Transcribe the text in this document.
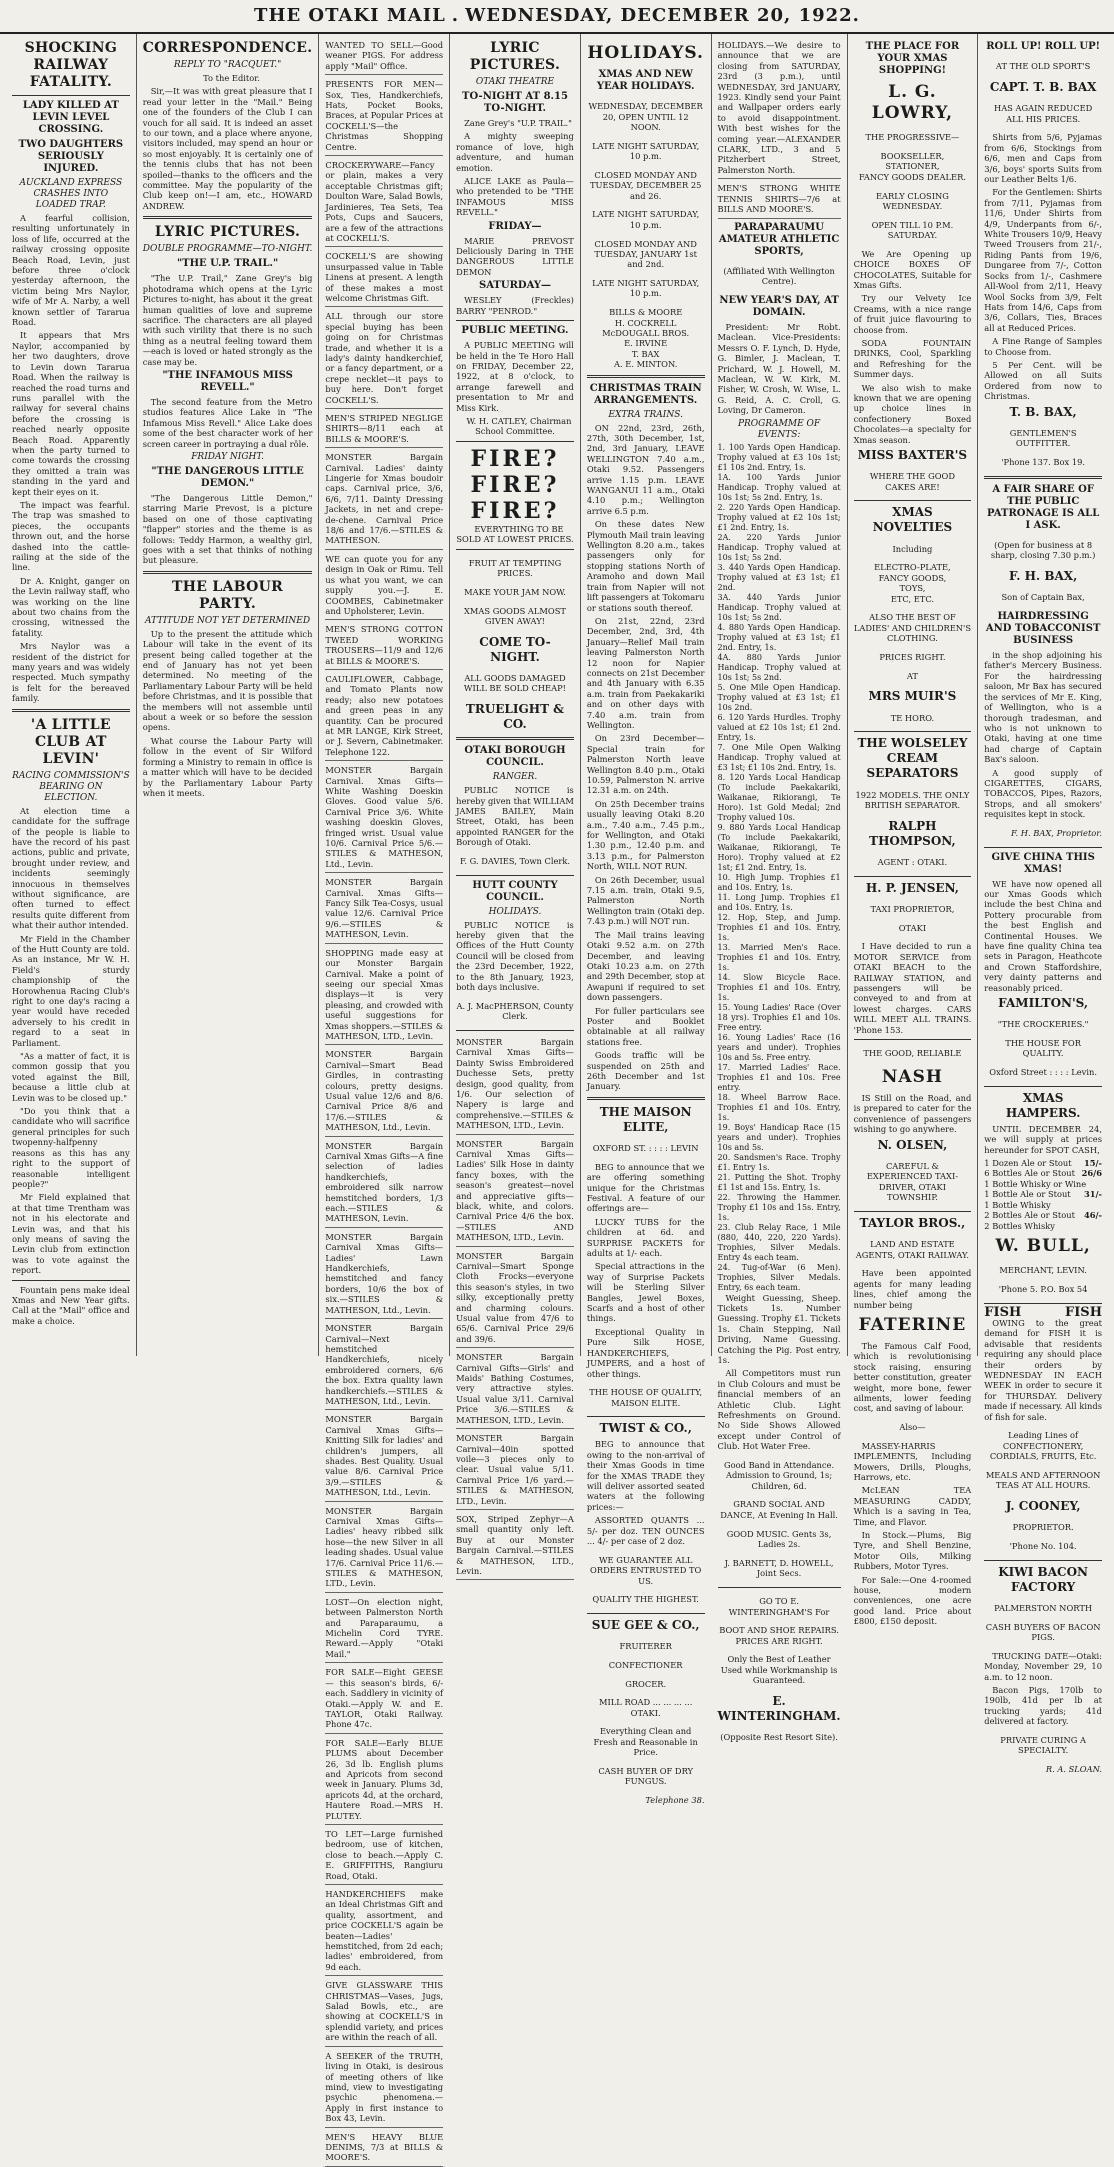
THE OTAKI MAIL . WEDNESDAY, DECEMBER 20, 1922.
SHOCKING RAILWAY FATALITY.
LADY KILLED AT LEVIN LEVEL CROSSING.
TWO DAUGHTERS SERIOUSLY INJURED.
AUCKLAND EXPRESS CRASHES INTO LOADED TRAP.

A fearful collision, resulting unfortunately in loss of life, occurred at the railway crossing opposite Beach Road, Levin, just before three o'clock yesterday afternoon, the victim being Mrs Naylor, wife of Mr A. Narby, a well known settler of Tararua Road.

It appears that Mrs Naylor, accompanied by her two daughters, drove to Levin down Tararua Road. When the railway is reached the road turns and runs parallel with the railway for several chains before the crossing is reached nearly opposite Beach Road. Apparently when the party turned to come towards the crossing they omitted a train was standing in the yard and kept their eyes on it.

The impact was fearful. The trap was smashed to pieces, the occupants thrown out, and the horse dashed into the cattle-railing at the side of the line.

Dr A. Knight, ganger on the Levin railway staff, who was working on the line about two chains from the crossing, witnessed the fatality.

Mrs Naylor was a resident of the district for many years and was widely respected. Much sympathy is felt for the bereaved family.

'A LITTLE CLUB AT LEVIN'
RACING COMMISSION'S BEARING ON ELECTION.

At election time a candidate for the suffrage of the people is liable to have the record of his past actions, public and private, brought under review, and incidents seemingly innocuous in themselves without significance, are often turned to effect results quite different from what their author intended.

Mr Field in the Chamber of the Hutt County are told. As an instance, Mr W. H. Field's sturdy championship of the Horowhenua Racing Club's right to one day's racing a year would have receded adversely to his credit in regard to a seat in Parliament.

"As a matter of fact, it is common gossip that you voted against the Bill, because a little club at Levin was to be closed up."

"Do you think that a candidate who will sacrifice general principles for such twopenny-halfpenny reasons as this has any right to the support of reasonable intelligent people?"

Mr Field explained that at that time Trentham was not in his electorate and Levin was, and that his only means of saving the Levin club from extinction was to vote against the report.

Fountain pens make ideal Xmas and New Year gifts. Call at the "Mail" office and make a choice.

CORRESPONDENCE.
REPLY TO "RACQUET."

To the Editor.

Sir,—It was with great pleasure that I read your letter in the "Mail." Being one of the founders of the Club I can vouch for all said. It is indeed an asset to our town, and a place where anyone, visitors included, may spend an hour or so most enjoyably. It is certainly one of the tennis clubs that has not been spoiled—thanks to the officers and the committee. May the popularity of the Club keep on!—I am, etc., HOWARD ANDREW.

LYRIC PICTURES.
DOUBLE PROGRAMME—TO-NIGHT.
"THE U.P. TRAIL."

"The U.P. Trail," Zane Grey's big photodrama which opens at the Lyric Pictures to-night, has about it the great human qualities of love and supreme sacrifice. The characters are all played with such virility that there is no such thing as a neutral feeling toward them—each is loved or hated strongly as the case may be.

"THE INFAMOUS MISS REVELL."

The second feature from the Metro studios features Alice Lake in "The Infamous Miss Revell." Alice Lake does some of the best character work of her screen career in portraying a dual rôle.

FRIDAY NIGHT.
"THE DANGEROUS LITTLE DEMON."

"The Dangerous Little Demon," starring Marie Prevost, is a picture based on one of those captivating "flapper" stories and the theme is as follows: Teddy Harmon, a wealthy girl, goes with a set that thinks of nothing but pleasure.

THE LABOUR PARTY.
ATTITUDE NOT YET DETERMINED

Up to the present the attitude which Labour will take in the event of its present being called together at the end of January has not yet been determined. No meeting of the Parliamentary Labour Party will be held before Christmas, and it is possible that the members will not assemble until about a week or so before the session opens.

What course the Labour Party will follow in the event of Sir Wilford forming a Ministry to remain in office is a matter which will have to be decided by the Parliamentary Labour Party when it meets.

WANTED TO SELL—Good weaner PIGS. For address apply "Mail" Office.
PRESENTS FOR MEN—Sox, Ties, Handkerchiefs, Hats, Pocket Books, Braces, at Popular Prices at COCKELL'S—the Christmas Shopping Centre.
CROCKERYWARE—Fancy or plain, makes a very acceptable Christmas gift; Doulton Ware, Salad Bowls, Jardinieres, Tea Sets, Tea Pots, Cups and Saucers, are a few of the attractions at COCKELL'S.
COCKELL'S are showing unsurpassed value in Table Linens at present. A length of these makes a most welcome Christmas Gift.
ALL through our store special buying has been going on for Christmas trade, and whether it is a lady's dainty handkerchief, or a fancy department, or a crepe necklet—it pays to buy here. Don't forget COCKELL'S.
MEN'S STRIPED NEGLIGE SHIRTS—8/11 each at BILLS & MOORE'S.
MONSTER Bargain Carnival. Ladies' dainty Lingerie for Xmas boudoir caps. Carnival price, 3/6, 6/6, 7/11. Dainty Dressing Jackets, in net and crepe-de-chene. Carnival Price 18/6 and 17/6.—STILES & MATHESON.
WE can quote you for any design in Oak or Rimu. Tell us what you want, we can supply you.—J. E. COOMBES, Cabinetmaker and Upholsterer, Levin.
MEN'S STRONG COTTON TWEED WORKING TROUSERS—11/9 and 12/6 at BILLS & MOORE'S.
CAULIFLOWER, Cabbage, and Tomato Plants now ready; also new potatoes and green peas in any quantity. Can be procured at MR LANGE, Kirk Street, or J. Severn, Cabinetmaker. Telephone 122.
MONSTER Bargain Carnival. Xmas Gifts—White Washing Doeskin Gloves. Good value 5/6. Carnival Price 3/6. White washing doeskin Gloves, fringed wrist. Usual value 10/6. Carnival Price 5/6.—STILES & MATHESON, Ltd., Levin.
MONSTER Bargain Carnival. Xmas Gifts—Fancy Silk Tea-Cosys, usual value 12/6. Carnival Price 9/6.—STILES & MATHESON, Levin.
SHOPPING made easy at our Monster Bargain Carnival. Make a point of seeing our special Xmas displays—it is very pleasing, and crowded with useful suggestions for Xmas shoppers.—STILES & MATHESON, LTD., Levin.
MONSTER Bargain Carnival—Smart Bead Girdles, in contrasting colours, pretty designs. Usual value 12/6 and 8/6. Carnival Price 8/6 and 17/6.—STILES & MATHESON, Ltd., Levin.
MONSTER Bargain Carnival Xmas Gifts—A fine selection of ladies handkerchiefs, embroidered silk narrow hemstitched borders, 1/3 each.—STILES & MATHESON, Levin.
MONSTER Bargain Carnival Xmas Gifts—Ladies' Lawn Handkerchiefs, hemstitched and fancy borders, 10/6 the box of six.—STILES & MATHESON, Ltd., Levin.
MONSTER Bargain Carnival—Next hemstitched Handkerchiefs, nicely embroidered corners, 6/6 the box. Extra quality lawn handkerchiefs.—STILES & MATHESON, Ltd., Levin.
MONSTER Bargain Carnival Xmas Gifts—Knitting Silk for ladies' and children's jumpers, all shades. Best Quality. Usual value 8/6. Carnival Price 3/9.—STILES & MATHESON, Ltd., Levin.
MONSTER Bargain Carnival Xmas Gifts—Ladies' heavy ribbed silk hose—the new Silver in all leading shades. Usual value 17/6. Carnival Price 11/6.—STILES & MATHESON, LTD., Levin.
LOST—On election night, between Palmerston North and Paraparaumu, a Michelin Cord TYRE. Reward.—Apply "Otaki Mail."
FOR SALE—Eight GEESE — this season's birds, 6/- each. Saddlery in vicinity of Otaki.—Apply W. and E. TAYLOR, Otaki Railway. Phone 47c.
FOR SALE—Early BLUE PLUMS about December 26, 3d lb. English plums and Apricots from second week in January. Plums 3d, apricots 4d, at the orchard, Hautere Road.—MRS H. PLUTEY.
TO LET—Large furnished bedroom, use of kitchen, close to beach.—Apply C. E. GRIFFITHS, Rangiuru Road, Otaki.
HANDKERCHIEFS make an Ideal Christmas Gift and quality, assortment, and price COCKELL'S again be beaten—Ladies' hemstitched, from 2d each; ladies' embroidered, from 9d each.
GIVE GLASSWARE THIS CHRISTMAS—Vases, Jugs, Salad Bowls, etc., are showing at COCKELL'S in splendid variety, and prices are within the reach of all.
A SEEKER of the TRUTH, living in Otaki, is desirous of meeting others of like mind, view to investigating psychic phenomena.—Apply in first instance to Box 43, Levin.
MEN'S HEAVY BLUE DENIMS, 7/3 at BILLS & MOORE'S.
LYRIC PICTURES.
OTAKI THEATRE
TO-NIGHT AT 8.15 TO-NIGHT.

Zane Grey's "U.P. TRAIL."

A mighty sweeping romance of love, high adventure, and human emotion.

ALICE LAKE as Paula—who pretended to be "THE INFAMOUS MISS REVELL."

FRIDAY—

MARIE PREVOST Deliciously Daring in THE DANGEROUS LITTLE DEMON

SATURDAY—

WESLEY (Freckles) BARRY "PENROD."

PUBLIC MEETING.

A PUBLIC MEETING will be held in the Te Horo Hall on FRIDAY, December 22, 1922, at 8 o'clock, to arrange farewell and presentation to Mr and Miss Kirk.

W. H. CATLEY, Chairman School Committee.

FIRE?
FIRE?
FIRE?

EVERYTHING TO BE SOLD AT LOWEST PRICES.

FRUIT AT TEMPTING PRICES.

MAKE YOUR JAM NOW.

XMAS GOODS ALMOST GIVEN AWAY!

COME TO-NIGHT.

ALL GOODS DAMAGED WILL BE SOLD CHEAP!

TRUELIGHT & CO.
OTAKI BOROUGH COUNCIL.
RANGER.

PUBLIC NOTICE is hereby given that WILLIAM JAMES BAILEY, Main Street, Otaki, has been appointed RANGER for the Borough of Otaki.

F. G. DAVIES, Town Clerk.

HUTT COUNTY COUNCIL.
HOLIDAYS.

PUBLIC NOTICE is hereby given that the Offices of the Hutt County Council will be closed from the 23rd December, 1922, to the 8th January, 1923, both days inclusive.

A. J. MacPHERSON, County Clerk.

MONSTER Bargain Carnival Xmas Gifts—Dainty Swiss Embroidered Duchesse Sets, pretty design, good quality, from 1/6. Our selection of Napery is large and comprehensive.—STILES & MATHESON, LTD., Levin.
MONSTER Bargain Carnival Xmas Gifts—Ladies' Silk Hose in dainty fancy boxes, with the season's greatest—novel and appreciative gifts—black, white, and colors. Carnival Price 4/6 the box.—STILES AND MATHESON, LTD., Levin.
MONSTER Bargain Carnival—Smart Sponge Cloth Frocks—everyone this season's styles, in two silky, exceptionally pretty and charming colours. Usual value from 47/6 to 65/6. Carnival Price 29/6 and 39/6.
MONSTER Bargain Carnival Gifts—Girls' and Maids' Bathing Costumes, very attractive styles. Usual value 3/11. Carnival Price 3/6.—STILES & MATHESON, LTD., Levin.
MONSTER Bargain Carnival—40in spotted voile—3 pieces only to clear. Usual value 5/11. Carnival Price 1/6 yard.—STILES & MATHESON, LTD., Levin.
SOX, Striped Zephyr—A small quantity only left. Buy at our Monster Bargain Carnival.—STILES & MATHESON, LTD., Levin.
HOLIDAYS.
XMAS AND NEW YEAR HOLIDAYS.

WEDNESDAY, DECEMBER 20, OPEN UNTIL 12 NOON.

LATE NIGHT SATURDAY, 10 p.m.

CLOSED MONDAY AND TUESDAY, DECEMBER 25 and 26.

LATE NIGHT SATURDAY, 10 p.m.

CLOSED MONDAY AND TUESDAY, JANUARY 1st and 2nd.

LATE NIGHT SATURDAY, 10 p.m.

BILLS & MOORE
H. COCKRELL
McDOUGALL BROS.
E. IRVINE
T. BAX
A. E. MINTON.
CHRISTMAS TRAIN ARRANGEMENTS.
EXTRA TRAINS.

ON 22nd, 23rd, 26th, 27th, 30th December, 1st, 2nd, 3rd January, LEAVE WELLINGTON 7.40 a.m., Otaki 9.52. Passengers arrive 1.15 p.m. LEAVE WANGANUI 11 a.m., Otaki 4.10 p.m.; Wellington arrive 6.5 p.m.

On these dates New Plymouth Mail train leaving Wellington 8.20 a.m., takes passengers only for stopping stations North of Aramoho and down Mail train from Napier will not lift passengers at Tokomaru or stations south thereof.

On 21st, 22nd, 23rd December, 2nd, 3rd, 4th January—Relief Mail train leaving Palmerston North 12 noon for Napier connects on 21st December and 4th January with 6.35 a.m. train from Paekakariki and on other days with 7.40 a.m. train from Wellington.

On 23rd December—Special train for Palmerston North leave Wellington 8.40 p.m., Otaki 10.59, Palmerston N. arrive 12.31 a.m. on 24th.

On 25th December trains usually leaving Otaki 8.20 a.m., 7.40 a.m., 7.45 p.m., for Wellington, and Otaki 1.30 p.m., 12.40 p.m. and 3.13 p.m., for Palmerston North, WILL NOT RUN.

On 26th December, usual 7.15 a.m. train, Otaki 9.5, Palmerston North Wellington train (Otaki dep. 7.43 p.m.) will NOT run.

The Mail trains leaving Otaki 9.52 a.m. on 27th December, and leaving Otaki 10.23 a.m. on 27th and 29th December, stop at Awapuni if required to set down passengers.

For fuller particulars see Poster and Booklet obtainable at all railway stations free.

Goods traffic will be suspended on 25th and 26th December and 1st January.

THE MAISON ELITE,

OXFORD ST. : : : : LEVIN

BEG to announce that we are offering something unique for the Christmas Festival. A feature of our offerings are—

LUCKY TUBS for the children at 6d. and SURPRISE PACKETS for adults at 1/- each.

Special attractions in the way of Surprise Packets will be Sterling Silver Bangles, Jewel Boxes, Scarfs and a host of other things.

Exceptional Quality in Pure Silk HOSE, HANDKERCHIEFS, JUMPERS, and a host of other things.

THE HOUSE OF QUALITY, MAISON ELITE.

TWIST & CO.,

BEG to announce that owing to the non-arrival of their Xmas Goods in time for the XMAS TRADE they will deliver assorted seated waters at the following prices:—

ASSORTED QUANTS ... 5/- per doz. TEN OUNCES ... 4/- per case of 2 doz.

WE GUARANTEE ALL ORDERS ENTRUSTED TO US.

QUALITY THE HIGHEST.

SUE GEE & CO.,

FRUITERER

CONFECTIONER

GROCER.

MILL ROAD ... ... ... ... OTAKI.

Everything Clean and Fresh and Reasonable in Price.

CASH BUYER OF DRY FUNGUS.

Telephone 38.

HOLIDAYS.—We desire to announce that we are closing from SATURDAY, 23rd (3 p.m.), until WEDNESDAY, 3rd JANUARY, 1923. Kindly send your Paint and Wallpaper orders early to avoid disappointment. With best wishes for the coming year.—ALEXANDER CLARK, LTD., 3 and 5 Pitzherbert Street, Palmerston North.
MEN'S STRONG WHITE TENNIS SHIRTS—7/6 at BILLS AND MOORE'S.
PARAPARAUMU AMATEUR ATHLETIC SPORTS,

(Affiliated With Wellington Centre).

NEW YEAR'S DAY, AT DOMAIN.

President: Mr Robt. Maclean. Vice-Presidents: Messrs O. F. Lynch, D. Hyde, G. Bimler, J. Maclean, T. Prichard, W. J. Howell, M. Maclean, W. W. Kirk, M. Fisher, W. Crosh, W. Wise, L. G. Reid, A. C. Croll, G. Loving, Dr Cameron.

PROGRAMME OF EVENTS:
1. 100 Yards Open Handicap. Trophy valued at £3 10s 1st; £1 10s 2nd. Entry, 1s.
1A. 100 Yards Junior Handicap. Trophy valued at 10s 1st; 5s 2nd. Entry, 1s.
2. 220 Yards Open Handicap. Trophy valued at £2 10s 1st; £1 2nd. Entry, 1s.
2A. 220 Yards Junior Handicap. Trophy valued at 10s 1st; 5s 2nd.
3. 440 Yards Open Handicap. Trophy valued at £3 1st; £1 2nd.
3A. 440 Yards Junior Handicap. Trophy valued at 10s 1st; 5s 2nd.
4. 880 Yards Open Handicap. Trophy valued at £3 1st; £1 2nd. Entry, 1s.
4A. 880 Yards Junior Handicap. Trophy valued at 10s 1st; 5s 2nd.
5. One Mile Open Handicap. Trophy valued at £3 1st; £1 10s 2nd.
6. 120 Yards Hurdles. Trophy valued at £2 10s 1st; £1 2nd. Entry, 1s.
7. One Mile Open Walking Handicap. Trophy valued at £3 1st; £1 10s 2nd. Entry, 1s.
8. 120 Yards Local Handicap (To include Paekakariki, Waikanae, Rikiorangi, Te Horo). 1st Gold Medal; 2nd Trophy valued 10s.
9. 880 Yards Local Handicap (To include Paekakariki, Waikanae, Rikiorangi, Te Horo). Trophy valued at £2 1st; £1 2nd. Entry, 1s.
10. High Jump. Trophies £1 and 10s. Entry, 1s.
11. Long Jump. Trophies £1 and 10s. Entry, 1s.
12. Hop, Step, and Jump. Trophies £1 and 10s. Entry, 1s.
13. Married Men's Race. Trophies £1 and 10s. Entry, 1s.
14. Slow Bicycle Race. Trophies £1 and 10s. Entry, 1s.
15. Young Ladies' Race (Over 18 yrs). Trophies £1 and 10s. Free entry.
16. Young Ladies' Race (16 years and under). Trophies 10s and 5s. Free entry.
17. Married Ladies' Race. Trophies £1 and 10s. Free entry.
18. Wheel Barrow Race. Trophies £1 and 10s. Entry, 1s.
19. Boys' Handicap Race (15 years and under). Trophies 10s and 5s.
20. Sandsmen's Race. Trophy £1. Entry 1s.
21. Putting the Shot. Trophy £1 1st and 15s. Entry, 1s.
22. Throwing the Hammer. Trophy £1 10s and 15s. Entry, 1s.
23. Club Relay Race, 1 Mile (880, 440, 220, 220 Yards). Trophies, Silver Medals. Entry 4s each team.
24. Tug-of-War (6 Men). Trophies, Silver Medals. Entry, 6s each team.

Weight Guessing, Sheep. Tickets 1s. Number Guessing. Trophy £1. Tickets 1s. Chain Stepping, Nail Driving, Name Guessing. Catching the Pig. Post entry, 1s.

All Competitors must run in Club Colours and must be financial members of an Athletic Club. Light Refreshments on Ground. No Side Shows Allowed except under Control of Club. Hot Water Free.

Good Band in Attendance. Admission to Ground, 1s; Children, 6d.

GRAND SOCIAL AND DANCE, At Evening In Hall.

GOOD MUSIC. Gents 3s, Ladies 2s.

J. BARNETT, D. HOWELL, Joint Secs.

GO TO E. WINTERINGHAM'S For

BOOT AND SHOE REPAIRS. PRICES ARE RIGHT.

Only the Best of Leather Used while Workmanship is Guaranteed.

E. WINTERINGHAM.

(Opposite Rest Resort Site).

THE PLACE FOR YOUR XMAS SHOPPING!
L. G. LOWRY,

THE PROGRESSIVE—

BOOKSELLER,
STATIONER,
FANCY GOODS DEALER.

EARLY CLOSING WEDNESDAY.

OPEN TILL 10 P.M. SATURDAY.

We Are Opening up CHOICE BOXES OF CHOCOLATES, Suitable for Xmas Gifts.

Try our Velvety Ice Creams, with a nice range of fruit juice flavouring to choose from.

SODA FOUNTAIN DRINKS, Cool, Sparkling and Refreshing for the Summer days.

We also wish to make known that we are opening up choice lines in confectionery Boxed Chocolates—a specialty for Xmas season.

MISS BAXTER'S

WHERE THE GOOD CAKES ARE!

XMAS NOVELTIES

Including

ELECTRO-PLATE,
FANCY GOODS,
TOYS,
ETC, ETC.

ALSO THE BEST OF LADIES' AND CHILDREN'S CLOTHING.

PRICES RIGHT.

AT

MRS MUIR'S

TE HORO.

THE WOLSELEY CREAM SEPARATORS

1922 MODELS. THE ONLY BRITISH SEPARATOR.

RALPH THOMPSON,

AGENT : OTAKI.

H. P. JENSEN,

TAXI PROPRIETOR,

OTAKI

I Have decided to run a MOTOR SERVICE from OTAKI BEACH to the RAILWAY STATION, and passengers will be conveyed to and from at lowest charges. CARS WILL MEET ALL TRAINS. 'Phone 153.

THE GOOD, RELIABLE

NASH

IS Still on the Road, and is prepared to cater for the convenience of passengers wishing to go anywhere.

N. OLSEN,

CAREFUL & EXPERIENCED TAXI-DRIVER, OTAKI TOWNSHIP.

TAYLOR BROS.,

LAND AND ESTATE AGENTS, OTAKI RAILWAY.

Have been appointed agents for many leading lines, chief among the number being

FATERINE

The Famous Calf Food, which is revolutionising stock raising, ensuring better constitution, greater weight, more bone, fewer ailments, lower feeding cost, and saving of labour.

Also—

MASSEY-HARRIS IMPLEMENTS, Including Mowers, Drills, Ploughs, Harrows, etc.

McLEAN TEA MEASURING CADDY, Which is a saving in Tea, Time, and Flavor.

In Stock.—Plums, Big Tyre, and Shell Benzine, Motor Oils, Milking Rubbers, Motor Tyres.

For Sale:—One 4-roomed house, modern conveniences, one acre good land. Price about £800, £150 deposit.

ROLL UP! ROLL UP!

AT THE OLD SPORT'S

CAPT. T. B. BAX

HAS AGAIN REDUCED ALL HIS PRICES.

Shirts from 5/6, Pyjamas from 6/6, Stockings from 6/6, men and Caps from 3/6, boys' sports Suits from our Leather Belts 1/6.

For the Gentlemen: Shirts from 7/11, Pyjamas from 11/6, Under Shirts from 4/9, Underpants from 6/-, White Trousers 10/9, Heavy Tweed Trousers from 21/-, Riding Pants from 19/6, Dungaree from 7/-, Cotton Socks from 1/-, Cashmere All-Wool from 2/11, Heavy Wool Socks from 3/9, Felt Hats from 14/6, Caps from 3/6, Collars, Ties, Braces all at Reduced Prices.

A Fine Range of Samples to Choose from.

5 Per Cent. will be Allowed on all Suits Ordered from now to Christmas.

T. B. BAX,

GENTLEMEN'S OUTFITTER.

'Phone 137. Box 19.

A FAIR SHARE OF THE PUBLIC PATRONAGE IS ALL I ASK.

(Open for business at 8 sharp, closing 7.30 p.m.)

F. H. BAX,

Son of Captain Bax,

HAIRDRESSING AND TOBACCONIST BUSINESS

in the shop adjoining his father's Mercery Business. For the hairdressing saloon, Mr Bax has secured the services of Mr E. King, of Wellington, who is a thorough tradesman, and who is not unknown to Otaki, having at one time had charge of Captain Bax's saloon.

A good supply of CIGARETTES, CIGARS, TOBACCOS, Pipes, Razors, Strops, and all smokers' requisites kept in stock.

F. H. BAX, Proprietor.

GIVE CHINA THIS XMAS!

WE have now opened all our Xmas Goods which include the best China and Pottery procurable from the best English and Continental Houses. We have fine quality China tea sets in Paragon, Heathcote and Crown Staffordshire, very dainty patterns and reasonably priced.

FAMILTON'S,

"THE CROCKERIES."

THE HOUSE FOR QUALITY.

Oxford Street : : : : Levin.

XMAS HAMPERS.

UNTIL DECEMBER 24, we will supply at prices hereunder for SPOT CASH,

1 Dozen Ale or Stout 15/-
6 Bottles Ale or Stout 26/6
1 Bottle Whisky or Wine
1 Bottle Ale or Stout 31/-
1 Bottle Whisky
2 Bottles Ale or Stout 46/-
2 Bottles Whisky
W. BULL,

MERCHANT, LEVIN.

'Phone 5. P.O. Box 54

FISH	FISH

OWING to the great demand for FISH it is advisable that residents requiring any should place their orders by WEDNESDAY IN EACH WEEK in order to secure it for THURSDAY. Delivery made if necessary. All kinds of fish for sale.

Leading Lines of CONFECTIONERY, CORDIALS, FRUITS, Etc.

MEALS AND AFTERNOON TEAS AT ALL HOURS.

J. COONEY,

PROPRIETOR.

'Phone No. 104.

KIWI BACON FACTORY

PALMERSTON NORTH

CASH BUYERS OF BACON PIGS.

TRUCKING DATE—Otaki: Monday, November 29, 10 a.m. to 12 noon.

Bacon Pigs, 170lb to 190lb, 41d per lb at trucking yards; 41d delivered at factory.

PRIVATE CURING A SPECIALTY.

R. A. SLOAN.
